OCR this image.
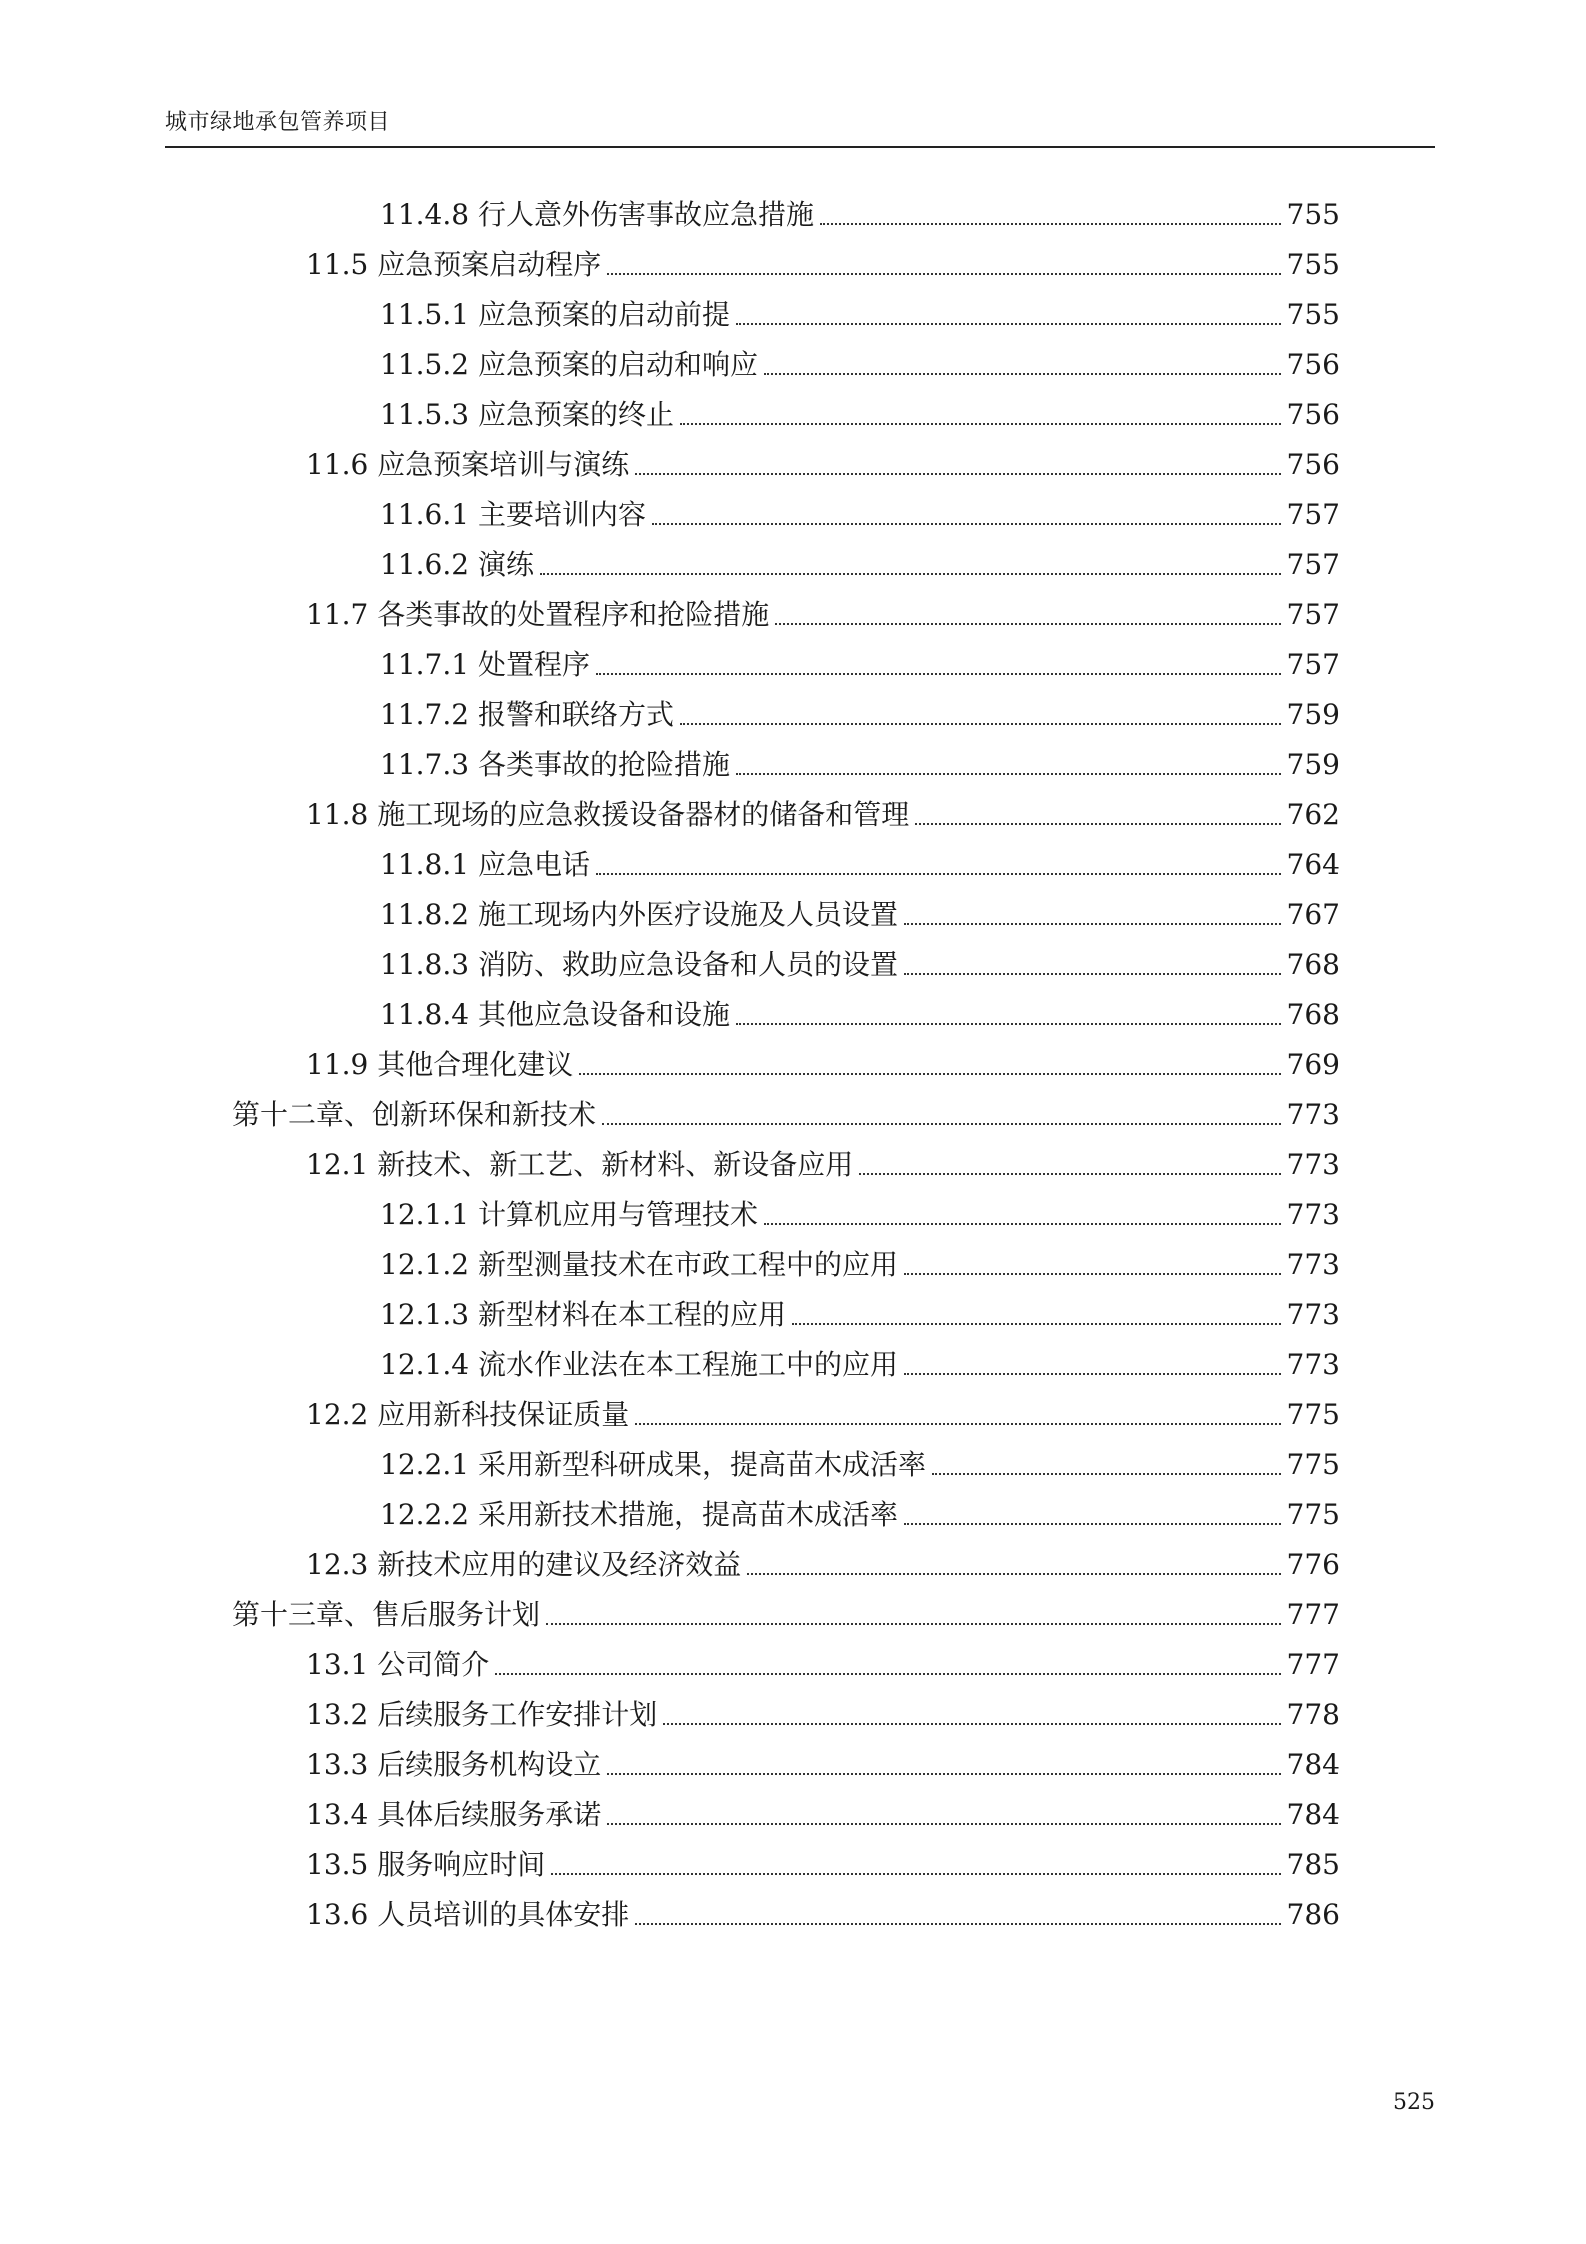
城市绿地承包管养项目
11.4.8 行人意外伤害事故应急措施	755
11.5 应急预案启动程序	755
11.5.1 应急预案的启动前提	755
11.5.2 应急预案的启动和响应	756
11.5.3 应急预案的终止	756
11.6 应急预案培训与演练	756
11.6.1 主要培训内容	757
11.6.2 演练	757
11.7 各类事故的处置程序和抢险措施	757
11.7.1 处置程序	757
11.7.2 报警和联络方式	759
11.7.3 各类事故的抢险措施	759
11.8 施工现场的应急救援设备器材的储备和管理	762
11.8.1 应急电话	764
11.8.2 施工现场内外医疗设施及人员设置	767
11.8.3 消防、救助应急设备和人员的设置	768
11.8.4 其他应急设备和设施	768
11.9 其他合理化建议	769
第十二章、创新环保和新技术	773
12.1 新技术、新工艺、新材料、新设备应用	773
12.1.1 计算机应用与管理技术	773
12.1.2 新型测量技术在市政工程中的应用	773
12.1.3 新型材料在本工程的应用	773
12.1.4 流水作业法在本工程施工中的应用	773
12.2 应用新科技保证质量	775
12.2.1 采用新型科研成果，提高苗木成活率	775
12.2.2 采用新技术措施，提高苗木成活率	775
12.3 新技术应用的建议及经济效益	776
第十三章、售后服务计划	777
13.1 公司简介	777
13.2 后续服务工作安排计划	778
13.3 后续服务机构设立	784
13.4 具体后续服务承诺	784
13.5 服务响应时间	785
13.6 人员培训的具体安排	786
525
